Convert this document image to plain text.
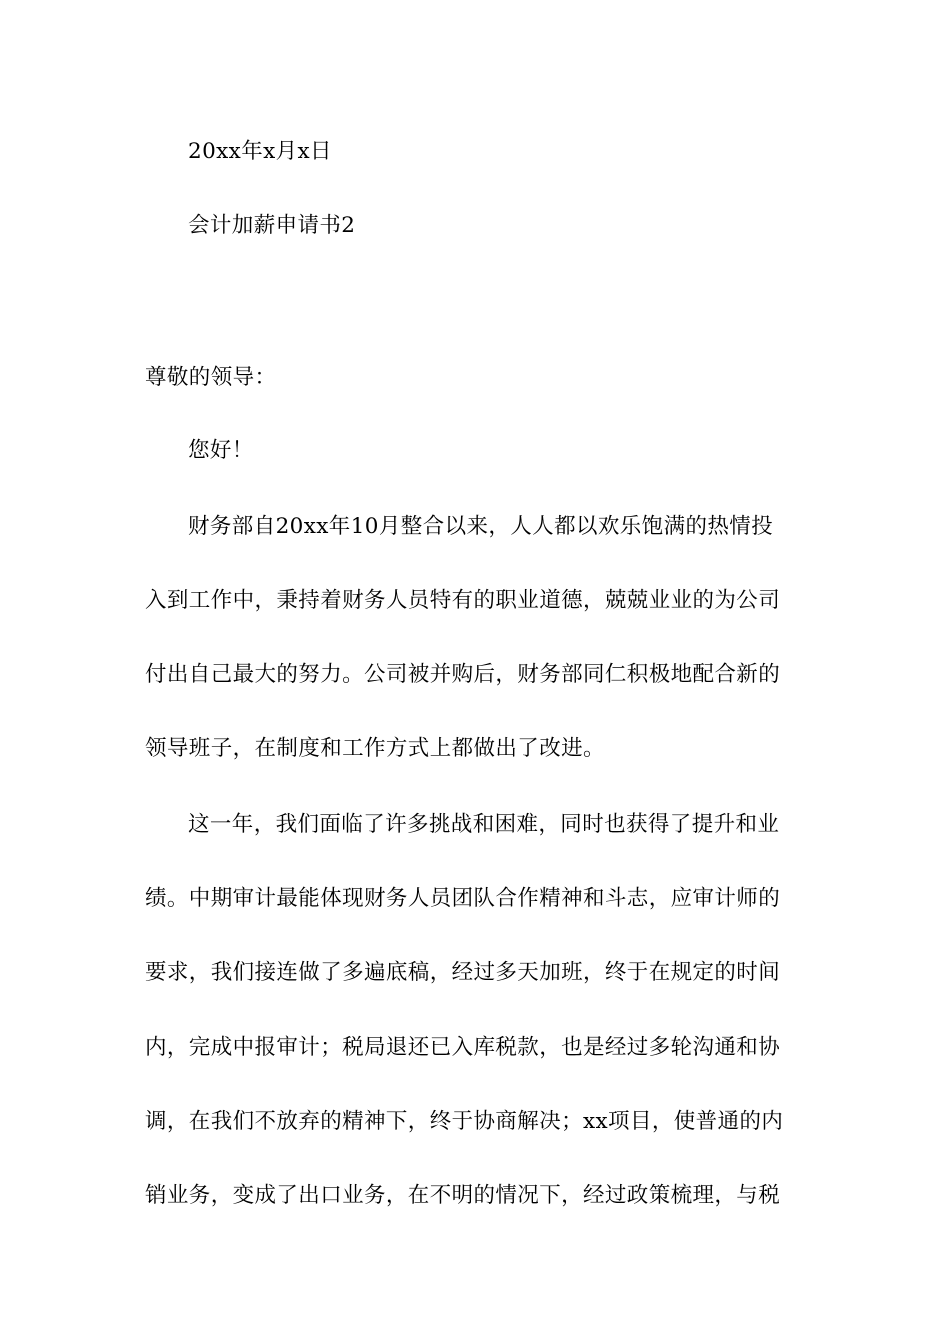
20xx年x月x日
会计加薪申请书2
尊敬的领导：
您好！
财务部自20xx年10月整合以来，人人都以欢乐饱满的热情投
入到工作中，秉持着财务人员特有的职业道德，兢兢业业的为公司
付出自己最大的努力。公司被并购后，财务部同仁积极地配合新的
领导班子，在制度和工作方式上都做出了改进。
这一年，我们面临了许多挑战和困难，同时也获得了提升和业
绩。中期审计最能体现财务人员团队合作精神和斗志，应审计师的
要求，我们接连做了多遍底稿，经过多天加班，终于在规定的时间
内，完成中报审计；税局退还已入库税款，也是经过多轮沟通和协
调，在我们不放弃的精神下，终于协商解决；xx项目，使普通的内
销业务，变成了出口业务，在不明的情况下，经过政策梳理，与税
